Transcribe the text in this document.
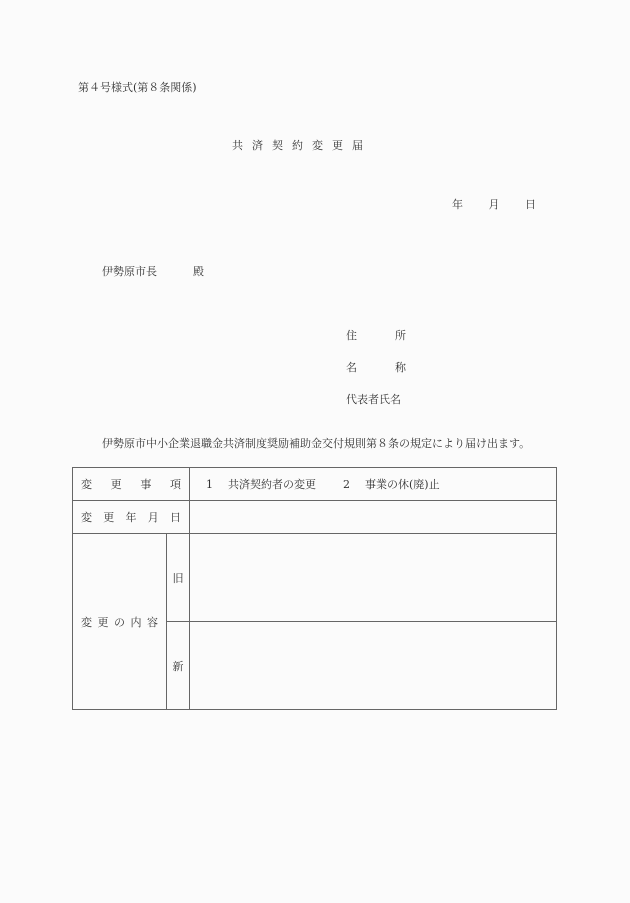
第４号様式(第８条関係)
共済契約変更届
年 月 日
伊勢原市長	殿
住所
名称
代表者氏名
伊勢原市中小企業退職金共済制度奨励補助金交付規則第８条の規定により届け出ます。
変 更 事 項		1 共済契約者の変更 2 事業の休(廃)止

変 更 年 月 日		

変 更 の 内 容	旧	
	新	
